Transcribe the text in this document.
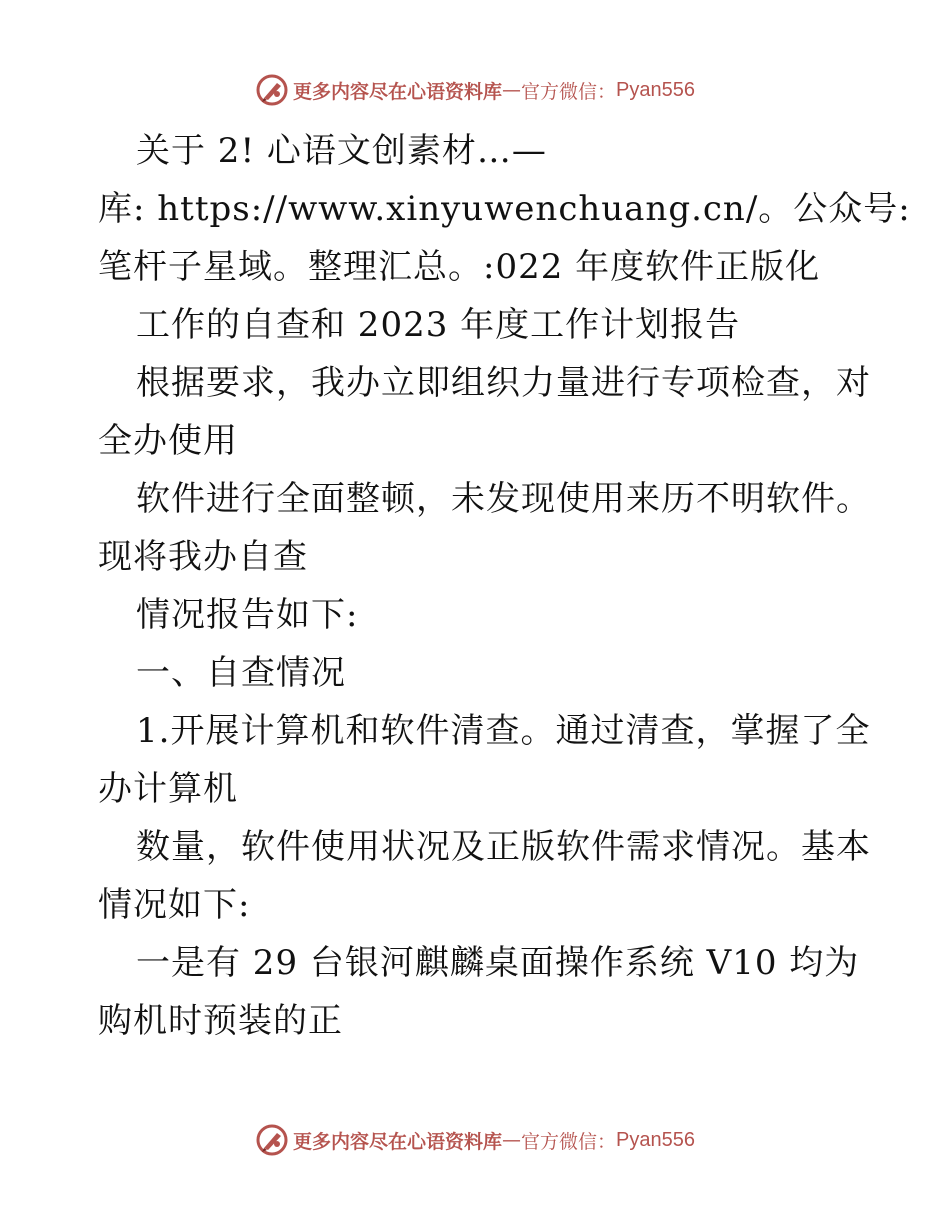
更多内容尽在心语资料库 — 官方微信： Pyan556
关于 2! 心语文创素材…—
库: https://www.xinyuwenchuang.cn/。公众号:
笔杆子星域。整理汇总。:022 年度软件正版化
工作的自查和 2023 年度工作计划报告
根据要求，我办立即组织力量进行专项检查，对
全办使用
软件进行全面整顿，未发现使用来历不明软件。
现将我办自查
情况报告如下:
一、自查情况
1.开展计算机和软件清查。通过清查，掌握了全
办计算机
数量，软件使用状况及正版软件需求情况。基本
情况如下:
一是有 29 台银河麒麟桌面操作系统 V10 均为
购机时预装的正
更多内容尽在心语资料库 — 官方微信： Pyan556
